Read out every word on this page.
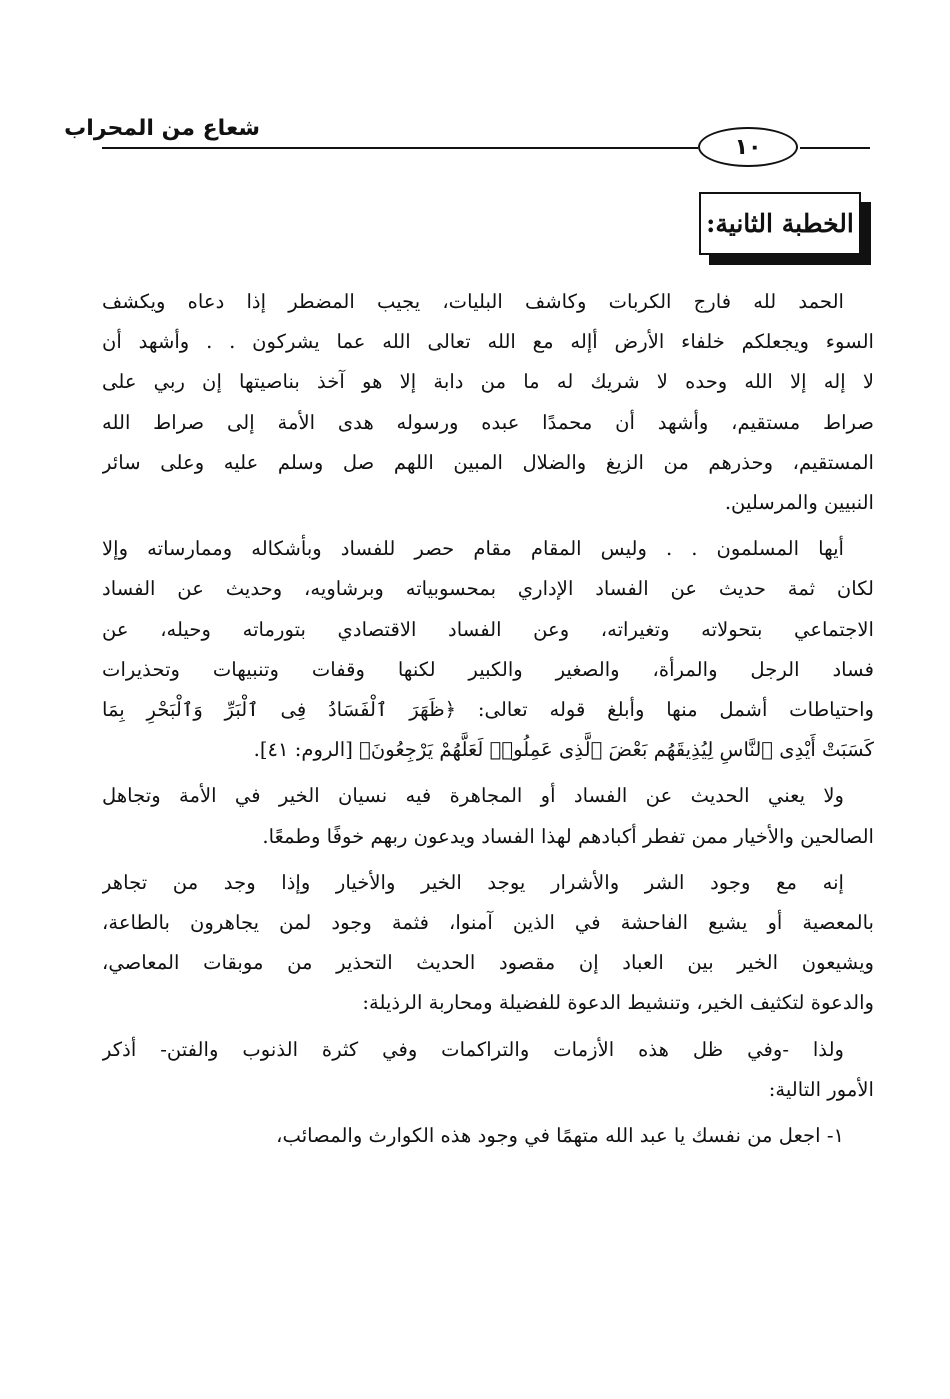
شعاع من المحراب
١٠
الخطبة الثانية:
الحمد لله فارج الكربات وكاشف البليات، يجيب المضطر إذا دعاه ويكشف
السوء ويجعلكم خلفاء الأرض أإله مع الله تعالى الله عما يشركون . . وأشهد أن
لا إله إلا الله وحده لا شريك له ما من دابة إلا هو آخذ بناصيتها إن ربي على
صراط مستقيم، وأشهد أن محمدًا عبده ورسوله هدى الأمة إلى صراط الله
المستقيم، وحذرهم من الزيغ والضلال المبين اللهم صل وسلم عليه وعلى سائر
النبيين والمرسلين.
أيها المسلمون . . وليس المقام مقام حصر للفساد وبأشكاله وممارساته وإلا
لكان ثمة حديث عن الفساد الإداري بمحسوبياته وبرشاويه، وحديث عن الفساد
الاجتماعي بتحولاته وتغيراته، وعن الفساد الاقتصادي بتورماته وحيله، عن
فساد الرجل والمرأة، والصغير والكبير لكنها وقفات وتنبيهات وتحذيرات
واحتياطات أشمل منها وأبلغ قوله تعالى: ﴿ظَهَرَ ٱلْفَسَادُ فِى ٱلْبَرِّ وَٱلْبَحْرِ بِمَا
كَسَبَتْ أَيْدِى ٱلنَّاسِ لِيُذِيقَهُم بَعْضَ ٱلَّذِى عَمِلُوا۟ لَعَلَّهُمْ يَرْجِعُونَ﴾ [الروم: ٤١].
ولا يعني الحديث عن الفساد أو المجاهرة فيه نسيان الخير في الأمة وتجاهل
الصالحين والأخيار ممن تفطر أكبادهم لهذا الفساد ويدعون ربهم خوفًا وطمعًا.
إنه مع وجود الشر والأشرار يوجد الخير والأخيار وإذا وجد من تجاهر
بالمعصية أو يشيع الفاحشة في الذين آمنوا، فثمة وجود لمن يجاهرون بالطاعة،
ويشيعون الخير بين العباد إن مقصود الحديث التحذير من موبقات المعاصي،
والدعوة لتكثيف الخير، وتنشيط الدعوة للفضيلة ومحاربة الرذيلة:
ولذا -وفي ظل هذه الأزمات والتراكمات وفي كثرة الذنوب والفتن- أذكر
الأمور التالية:
١- اجعل من نفسك يا عبد الله متهمًا في وجود هذه الكوارث والمصائب،
